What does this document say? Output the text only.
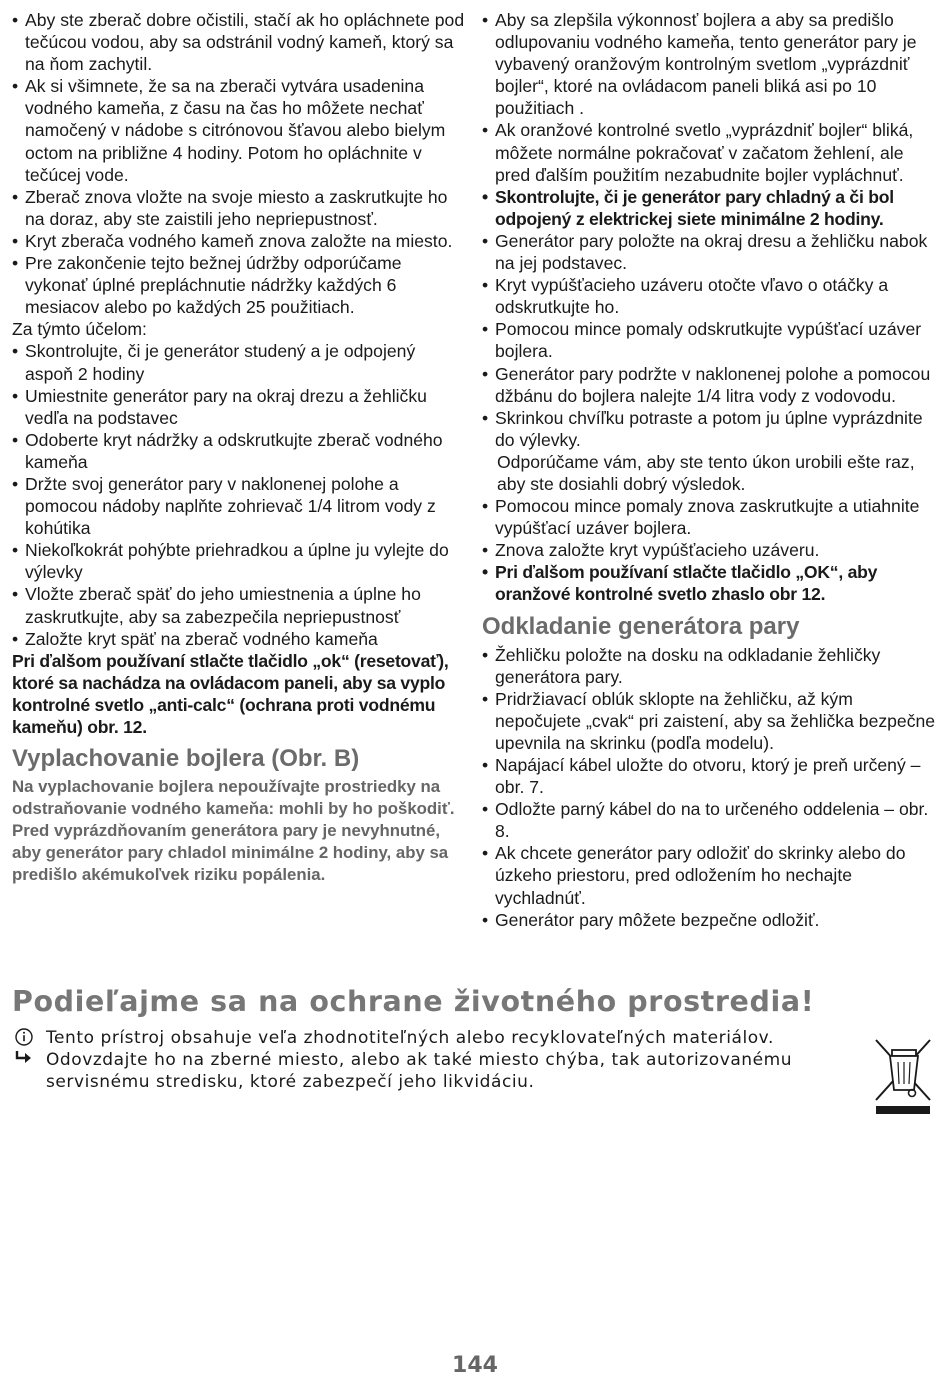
• Aby ste zberač dobre očistili, stačí ak ho opláchnete pod tečúcou vodou, aby sa odstránil vodný kameň, ktorý sa na ňom zachytil.
• Ak si všimnete, že sa na zberači vytvára usadenina vodného kameňa, z času na čas ho môžete nechať namočený v nádobe s citrónovou šťavou alebo bielym octom na približne 4 hodiny. Potom ho opláchnite v tečúcej vode.
• Zberač znova vložte na svoje miesto a zaskrutkujte ho na doraz, aby ste zaistili jeho nepriepustnosť.
• Kryt zberača vodného kameň znova založte na miesto.
• Pre zakončenie tejto bežnej údržby odporúčame vykonať úplné prepláchnutie nádržky každých 6 mesiacov alebo po každých 25 použitiach.
Za týmto účelom:
• Skontrolujte, či je generátor studený a je odpojený aspoň 2 hodiny
• Umiestnite generátor pary na okraj drezu a žehličku vedľa na podstavec
• Odoberte kryt nádržky a odskrutkujte zberač vodného kameňa
• Držte svoj generátor pary v naklonenej polohe a pomocou nádoby naplňte zohrievač 1/4 litrom vody z kohútika
• Niekoľkokrát pohýbte priehradkou a úplne ju vylejte do výlevky
• Vložte zberač späť do jeho umiestnenia a úplne ho zaskrutkujte, aby sa zabezpečila nepriepustnosť
• Založte kryt späť na zberač vodného kameňa
Pri ďalšom používaní stlačte tlačidlo „ok“ (resetovať), ktoré sa nachádza na ovládacom paneli, aby sa vyplo kontrolné svetlo „anti-calc“ (ochrana proti vodnému kameňu) obr. 12.
Vyplachovanie bojlera (Obr. B)
Na vyplachovanie bojlera nepoužívajte prostriedky na odstraňovanie vodného kameňa: mohli by ho poškodiť.
Pred vyprázdňovaním generátora pary je nevyhnutné, aby generátor pary chladol minimálne 2 hodiny, aby sa predišlo akémukoľvek riziku popálenia.
• Aby sa zlepšila výkonnosť bojlera a aby sa predišlo odlupovaniu vodného kameňa, tento generátor pary je vybavený oranžovým kontrolným svetlom „vyprázdniť bojler“, ktoré na ovládacom paneli bliká asi po 10 použitiach .
• Ak oranžové kontrolné svetlo „vyprázdniť bojler“ bliká, môžete normálne pokračovať v začatom žehlení, ale pred ďalším použitím nezabudnite bojler vypláchnuť.
• Skontrolujte, či je generátor pary chladný a či bol odpojený z elektrickej siete minimálne 2 hodiny.
• Generátor pary položte na okraj dresu a žehličku nabok na jej podstavec.
• Kryt vypúšťacieho uzáveru otočte vľavo o otáčky a odskrutkujte ho.
• Pomocou mince pomaly odskrutkujte vypúšťací uzáver bojlera.
• Generátor pary podržte v naklonenej polohe a pomocou džbánu do bojlera nalejte 1/4 litra vody z vodovodu.
• Skrinkou chvíľku potraste a potom ju úplne vyprázdnite do výlevky.
Odporúčame vám, aby ste tento úkon urobili ešte raz, aby ste dosiahli dobrý výsledok.
• Pomocou mince pomaly znova zaskrutkujte a utiahnite vypúšťací uzáver bojlera.
• Znova založte kryt vypúšťacieho uzáveru.
• Pri ďalšom používaní stlačte tlačidlo „OK“, aby oranžové kontrolné svetlo zhaslo obr 12.
Odkladanie generátora pary
• Žehličku položte na dosku na odkladanie žehličky generátora pary.
• Pridržiavací oblúk sklopte na žehličku, až kým nepočujete „cvak“ pri zaistení, aby sa žehlička bezpečne upevnila na skrinku (podľa modelu).
• Napájací kábel uložte do otvoru, ktorý je preň určený – obr. 7.
• Odložte parný kábel do na to určeného oddelenia – obr. 8.
• Ak chcete generátor pary odložiť do skrinky alebo do úzkeho priestoru, pred odložením ho nechajte vychladnúť.
• Generátor pary môžete bezpečne odložiť.
Podieľajme sa na ochrane životného prostredia!
Tento prístroj obsahuje veľa zhodnotiteľných alebo recyklovateľných materiálov.
Odovzdajte ho na zberné miesto, alebo ak také miesto chýba, tak autorizovanému servisnému stredisku, ktoré zabezpečí jeho likvidáciu.
144
